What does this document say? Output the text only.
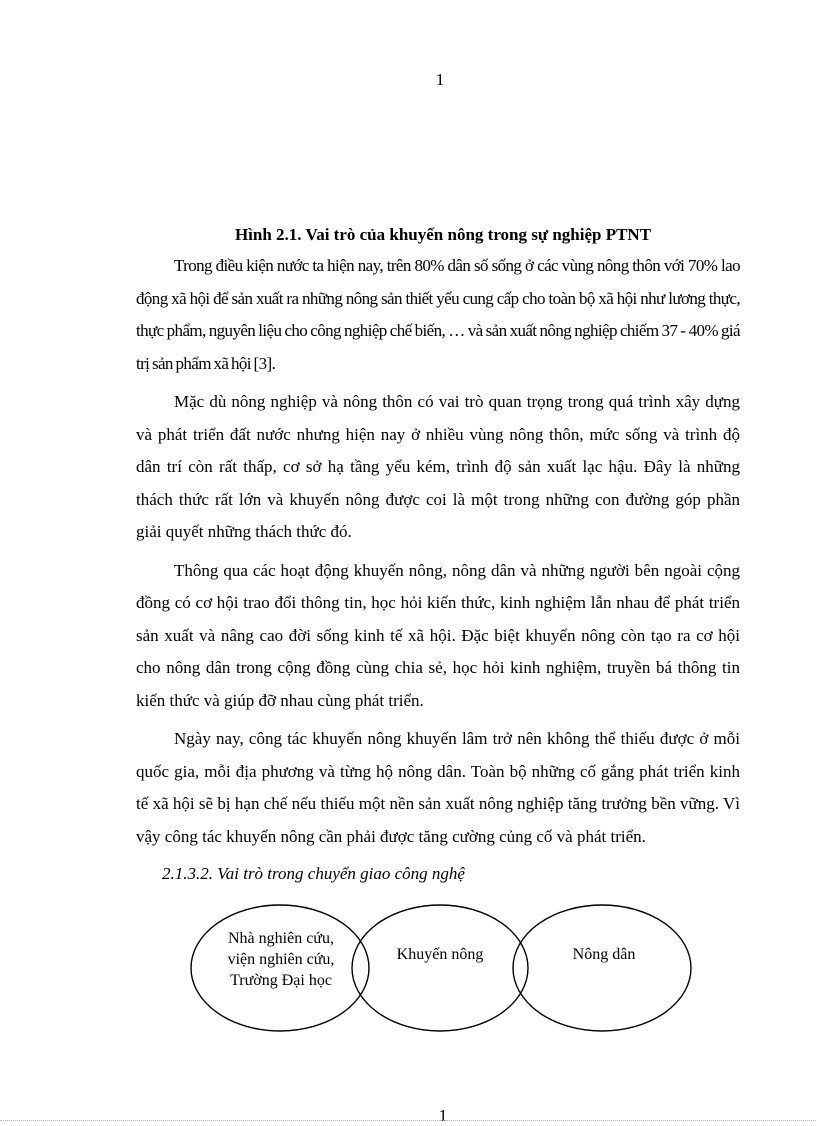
1
Hình 2.1. Vai trò của khuyến nông trong sự nghiệp PTNT

Trong điều kiện nước ta hiện nay, trên 80% dân số sống ở các vùng nông thôn với 70% lao động xã hội để sản xuất ra những nông sản thiết yếu cung cấp cho toàn bộ xã hội như lương thực, thực phẩm, nguyên liệu cho công nghiệp chế biến, … và sản xuất nông nghiệp chiếm 37 - 40% giá trị sản phẩm xã hội [3].

Mặc dù nông nghiệp và nông thôn có vai trò quan trọng trong quá trình xây dựng và phát triển đất nước nhưng hiện nay ở nhiều vùng nông thôn, mức sống và trình độ dân trí còn rất thấp, cơ sở hạ tầng yếu kém, trình độ sản xuất lạc hậu. Đây là những thách thức rất lớn và khuyến nông được coi là một trong những con đường góp phần giải quyết những thách thức đó.

Thông qua các hoạt động khuyến nông, nông dân và những người bên ngoài cộng đồng có cơ hội trao đổi thông tin, học hỏi kiến thức, kinh nghiệm lẫn nhau để phát triển sản xuất và nâng cao đời sống kinh tế xã hội. Đặc biệt khuyến nông còn tạo ra cơ hội cho nông dân trong cộng đồng cùng chia sẻ, học hỏi kinh nghiệm, truyền bá thông tin kiến thức và giúp đỡ nhau cùng phát triển.

Ngày nay, công tác khuyến nông khuyến lâm trở nên không thể thiếu được ở mỗi quốc gia, mỗi địa phương và từng hộ nông dân. Toàn bộ những cố gắng phát triển kinh tế xã hội sẽ bị hạn chế nếu thiếu một nền sản xuất nông nghiệp tăng trưởng bền vững. Vì vậy công tác khuyến nông cần phải được tăng cường củng cố và phát triển.

2.1.3.2. Vai trò trong chuyển giao công nghệ
Nhà nghiên cứu, viện nghiên cứu, Trường Đại học
Khuyến nông	Nông dân
1
